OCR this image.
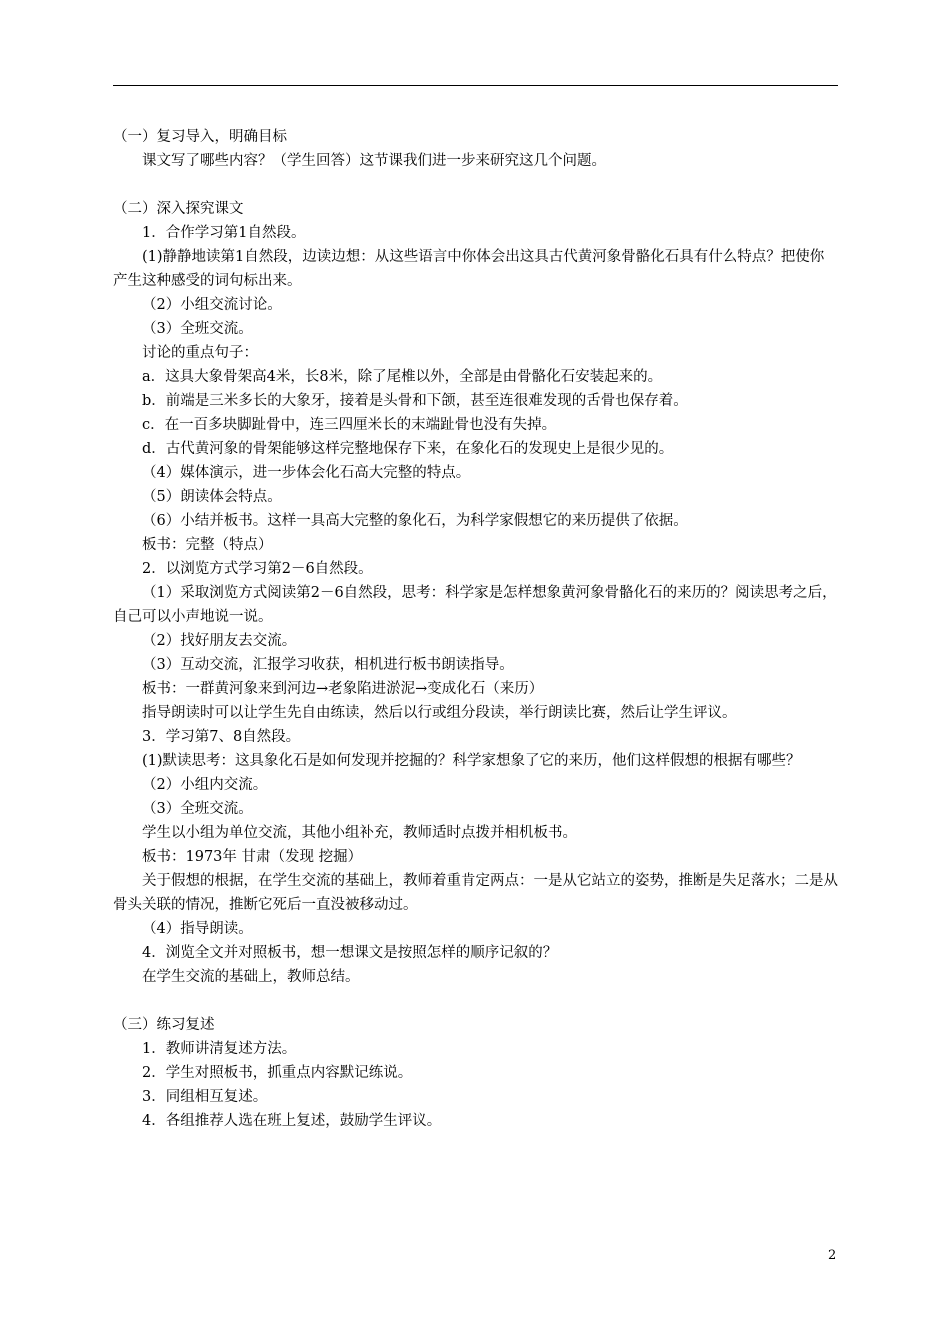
（一）复习导入，明确目标

课文写了哪些内容？（学生回答）这节课我们进一步来研究这几个问题。

（二）深入探究课文

1．合作学习第1自然段。

(1)静静地读第1自然段，边读边想：从这些语言中你体会出这具古代黄河象骨骼化石具有什么特点？把使你产生这种感受的词句标出来。

（2）小组交流讨论。

（3）全班交流。

讨论的重点句子：

a．这具大象骨架高4米，长8米，除了尾椎以外，全部是由骨骼化石安装起来的。

b．前端是三米多长的大象牙，接着是头骨和下颌，甚至连很难发现的舌骨也保存着。

c．在一百多块脚趾骨中，连三四厘米长的末端趾骨也没有失掉。

d．古代黄河象的骨架能够这样完整地保存下来，在象化石的发现史上是很少见的。

（4）媒体演示，进一步体会化石高大完整的特点。

（5）朗读体会特点。

（6）小结并板书。这样一具高大完整的象化石，为科学家假想它的来历提供了依据。

板书：完整（特点）

2．以浏览方式学习第2－6自然段。

（1）采取浏览方式阅读第2－6自然段，思考：科学家是怎样想象黄河象骨骼化石的来历的？阅读思考之后，自己可以小声地说一说。

（2）找好朋友去交流。

（3）互动交流，汇报学习收获，相机进行板书朗读指导。

板书：一群黄河象来到河边→老象陷进淤泥→变成化石（来历）

指导朗读时可以让学生先自由练读，然后以行或组分段读，举行朗读比赛，然后让学生评议。

3．学习第7、8自然段。

(1)默读思考：这具象化石是如何发现并挖掘的？科学家想象了它的来历，他们这样假想的根据有哪些？

（2）小组内交流。

（3）全班交流。

学生以小组为单位交流，其他小组补充，教师适时点拨并相机板书。

板书：1973年 甘肃（发现 挖掘）

关于假想的根据，在学生交流的基础上，教师着重肯定两点：一是从它站立的姿势，推断是失足落水；二是从骨头关联的情况，推断它死后一直没被移动过。

（4）指导朗读。

4．浏览全文并对照板书，想一想课文是按照怎样的顺序记叙的？

在学生交流的基础上，教师总结。

（三）练习复述

1．教师讲清复述方法。

2．学生对照板书，抓重点内容默记练说。

3．同组相互复述。

4．各组推荐人选在班上复述，鼓励学生评议。

2
